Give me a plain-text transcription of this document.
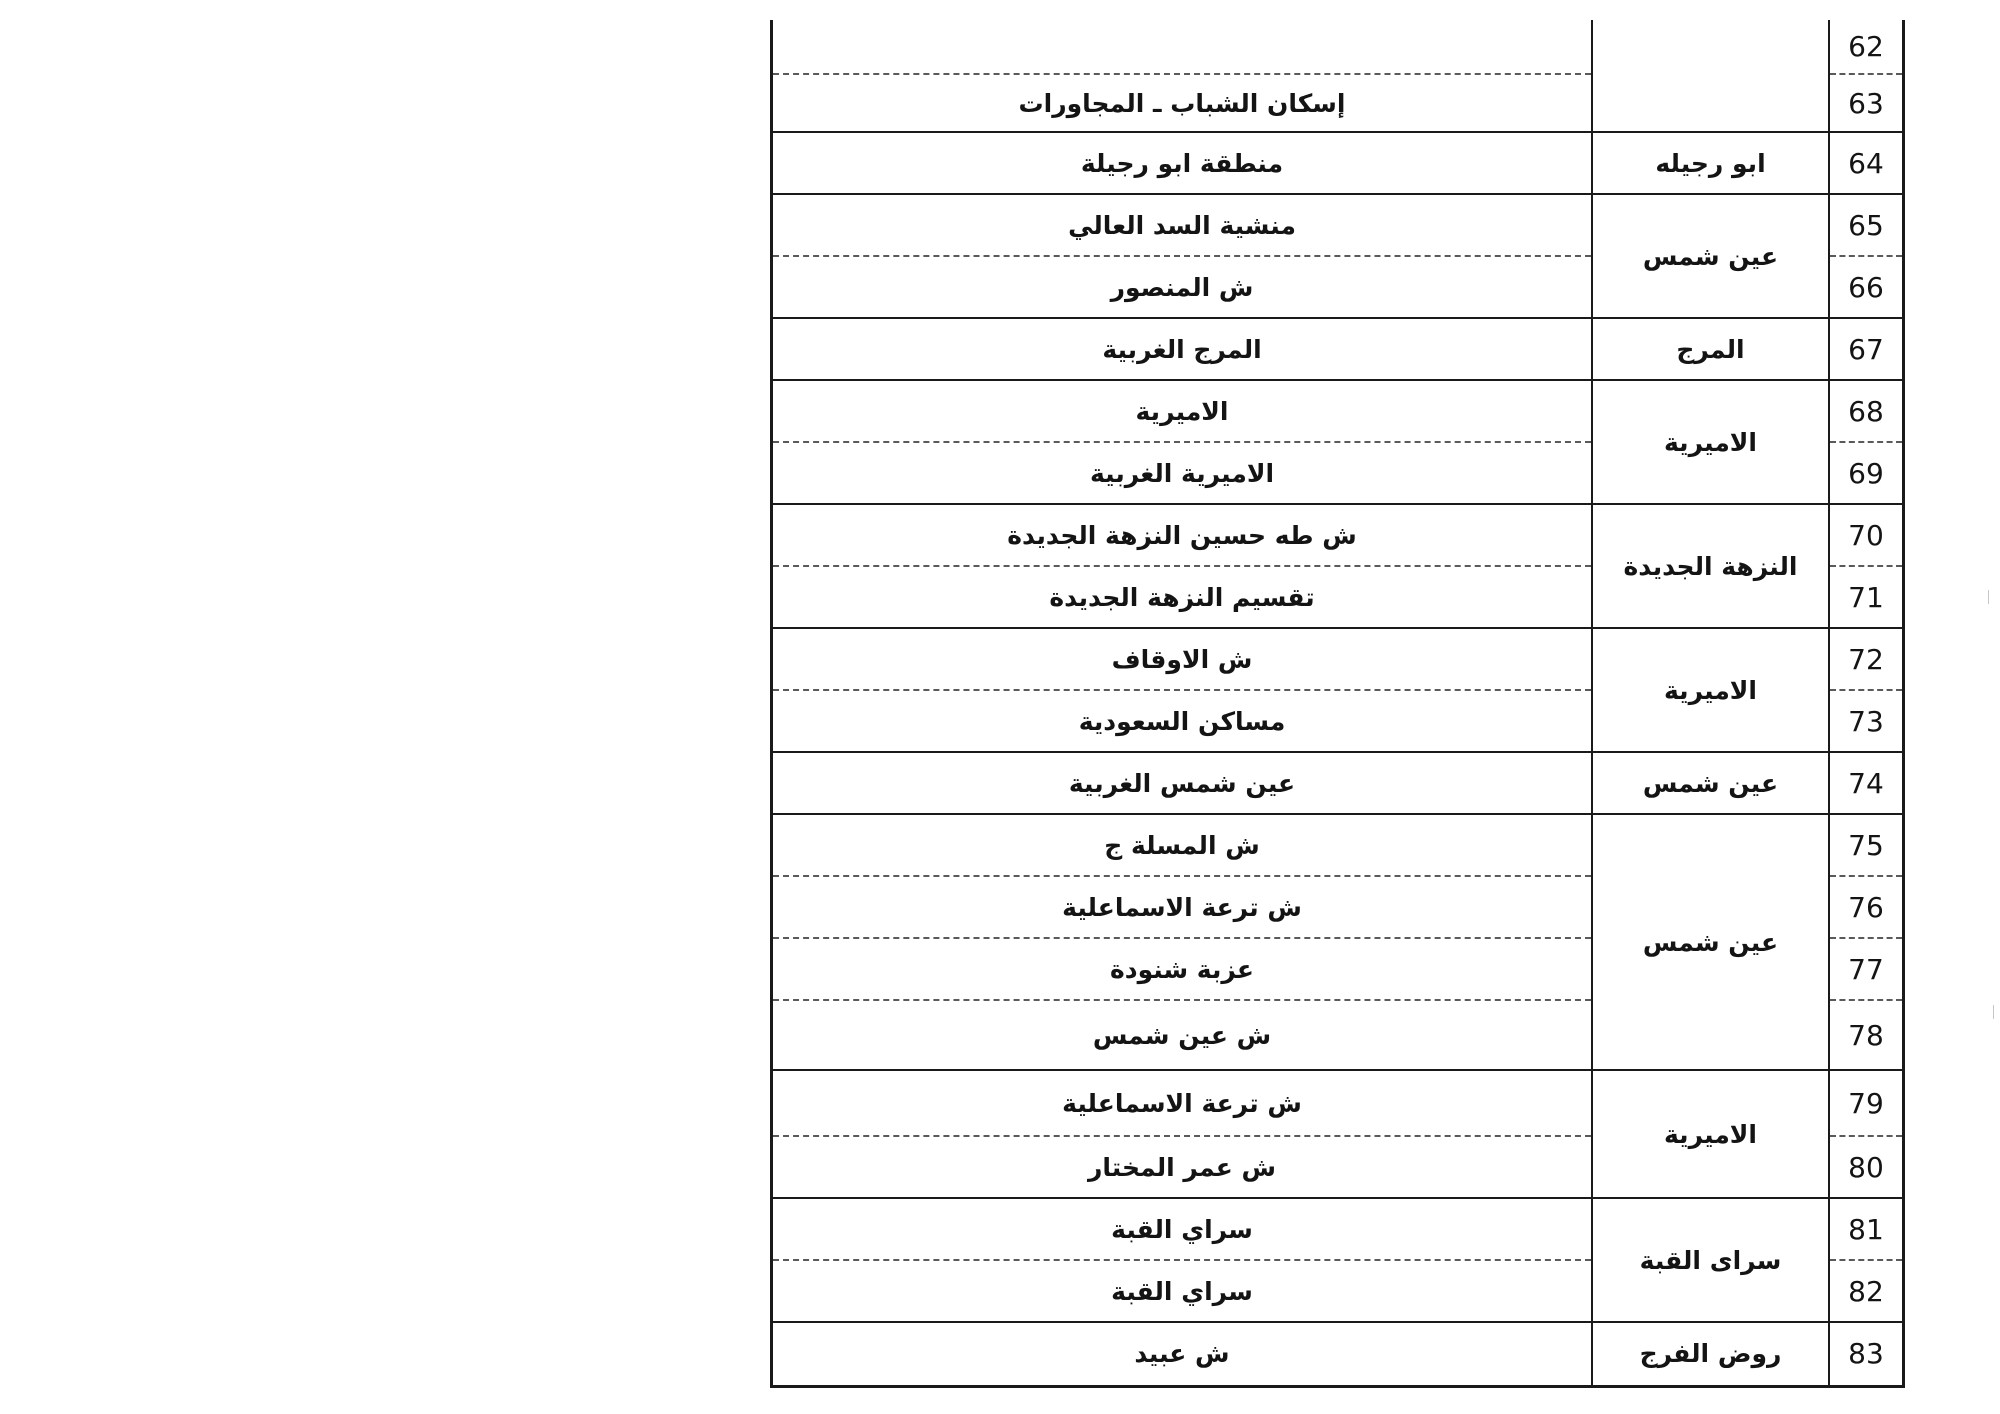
62		
63		إسكان الشباب ـ المجاورات
64	ابو رجيله	منطقة ابو رجيلة
65	عين شمس	منشية السد العالي
66		ش المنصور
67	المرج	المرج الغربية
68	الاميرية	الاميرية
69		الاميرية الغربية
70	النزهة الجديدة	ش طه حسين النزهة الجديدة
71		تقسيم النزهة الجديدة
72	الاميرية	ش الاوقاف
73		مساكن السعودية
74	عين شمس	عين شمس الغربية
75	عين شمس	ش المسلة ج
76		ش ترعة الاسماعلية
77		عزبة شنودة
78		ش عين شمس
79	الاميرية	ش ترعة الاسماعلية
80		ش عمر المختار
81	سراى القبة	سراي القبة
82		سراي القبة
83	روض الفرج	ش عبيد
